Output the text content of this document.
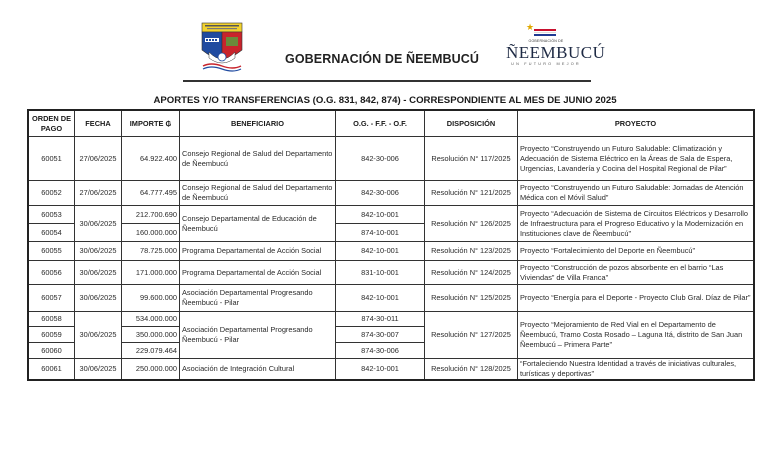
GOBERNACIÓN DE ÑEEMBUCÚ
★
GOBERNACIÓN DE
ÑEEMBUCÚ
UN FUTURO MEJOR
APORTES Y/O TRANSFERENCIAS (O.G. 831, 842, 874) - CORRESPONDIENTE AL MES DE JUNIO 2025
ORDEN DE PAGO	FECHA	IMPORTE ₲	BENEFICIARIO	O.G. - F.F. - O.F.	DISPOSICIÓN	PROYECTO
60051	27/06/2025	64.922.400	Consejo Regional de Salud del Departamento de Ñeembucú	842-30-006	Resolución N° 117/2025	Proyecto “Construyendo un Futuro Saludable: Climatización y Adecuación de Sistema Eléctrico en la Áreas de Sala de Espera, Urgencias, Lavandería y Cocina del Hospital Regional de Pilar”
60052	27/06/2025	64.777.495	Consejo Regional de Salud del Departamento de Ñeembucú	842-30-006	Resolución N° 121/2025	Proyecto “Construyendo un Futuro Saludable: Jornadas de Atención Médica con el Móvil Salud”
60053	30/06/2025	212.700.690	Consejo Departamental de Educación de Ñeembucú	842-10-001	Resolución N° 126/2025	Proyecto “Adecuación de Sistema de Circuitos Eléctricos y Desarrollo de Infraestructura para el Progreso Educativo y la Modernización en Instituciones clave de Ñeembucú”
60054		160.000.000		874-10-001		
60055	30/06/2025	78.725.000	Programa Departamental de Acción Social	842-10-001	Resolución N° 123/2025	Proyecto “Fortalecimiento del Deporte en Ñeembucú”
60056	30/06/2025	171.000.000	Programa Departamental de Acción Social	831-10-001	Resolución N° 124/2025	Proyecto “Construcción de pozos absorbente en el barrio “Las Viviendas” de Villa Franca”
60057	30/06/2025	99.600.000	Asociación Departamental Progresando Ñeembucú - Pilar	842-10-001	Resolución N° 125/2025	Proyecto “Energía para el Deporte - Proyecto Club Gral. Díaz de Pilar”
60058	30/06/2025	534.000.000	Asociación Departamental Progresando Ñeembucú - Pilar	874-30-011	Resolución N° 127/2025	Proyecto “Mejoramiento de Red Vial en el Departamento de Ñeembucú, Tramo Costa Rosado – Laguna Itá, distrito de San Juan Ñeembucú – Primera Parte”
60059		350.000.000		874-30-007		
60060		229.079.464		874-30-006		
60061	30/06/2025	250.000.000	Asociación de Integración Cultural	842-10-001	Resolución N° 128/2025	“Fortaleciendo Nuestra Identidad a través de iniciativas culturales, turísticas y deportivas”
